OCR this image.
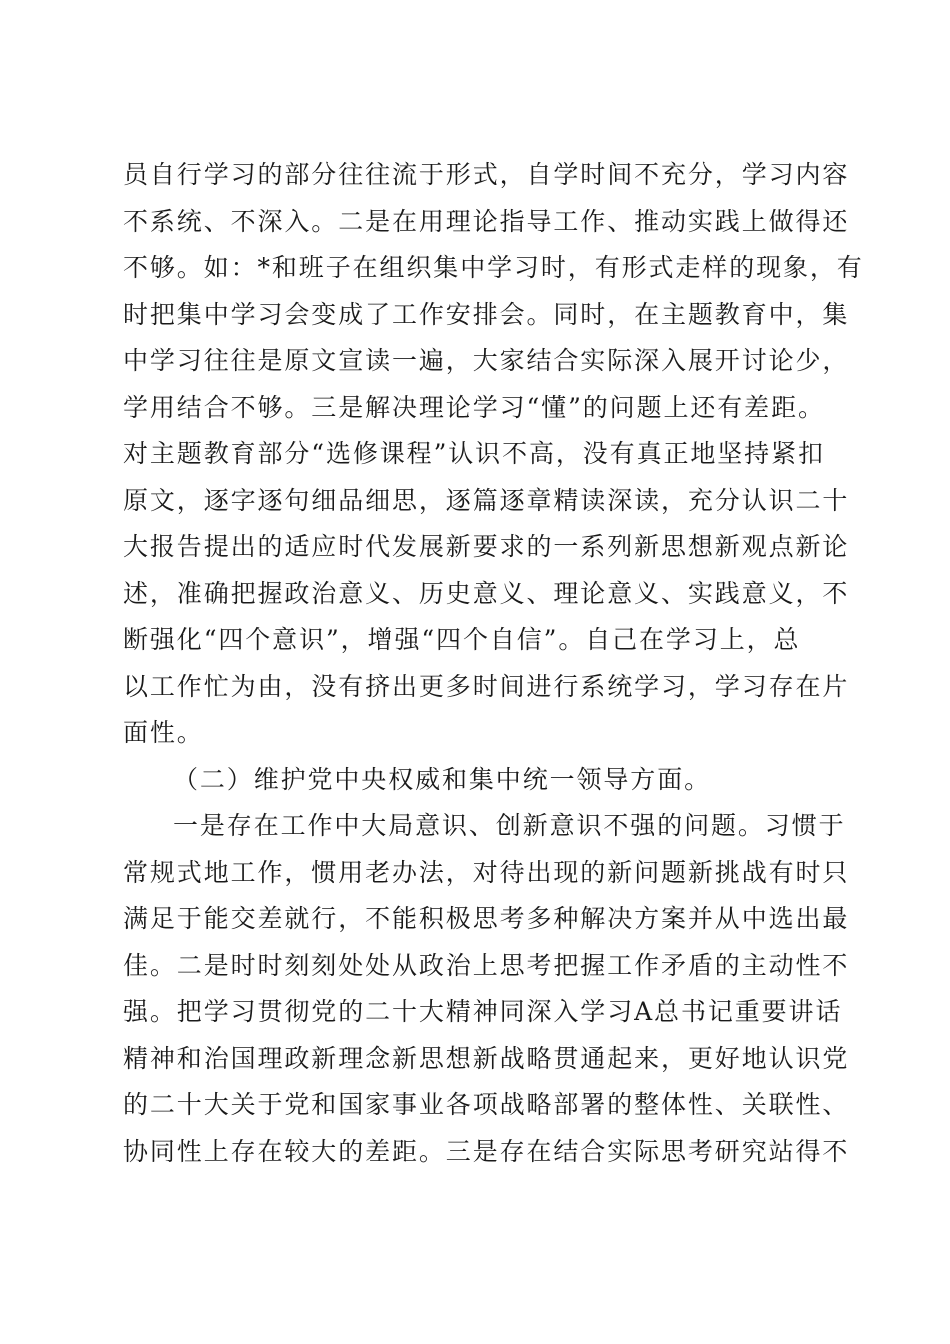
员自行学习的部分往往流于形式，自学时间不充分，学习内容
不系统、不深入。二是在用理论指导工作、推动实践上做得还
不够。如：*和班子在组织集中学习时，有形式走样的现象，有
时把集中学习会变成了工作安排会。同时，在主题教育中，集
中学习往往是原文宣读一遍，大家结合实际深入展开讨论少，
学用结合不够。三是解决理论学习“懂”的问题上还有差距。
对主题教育部分“选修课程”认识不高，没有真正地坚持紧扣
原文，逐字逐句细品细思，逐篇逐章精读深读，充分认识二十
大报告提出的适应时代发展新要求的一系列新思想新观点新论
述，准确把握政治意义、历史意义、理论意义、实践意义，不
断强化“四个意识”，增强“四个自信”。自己在学习上，总
以工作忙为由，没有挤出更多时间进行系统学习，学习存在片
面性。
（二）维护党中央权威和集中统一领导方面。
一是存在工作中大局意识、创新意识不强的问题。习惯于
常规式地工作，惯用老办法，对待出现的新问题新挑战有时只
满足于能交差就行，不能积极思考多种解决方案并从中选出最
佳。二是时时刻刻处处从政治上思考把握工作矛盾的主动性不
强。把学习贯彻党的二十大精神同深入学习A总书记重要讲话
精神和治国理政新理念新思想新战略贯通起来，更好地认识党
的二十大关于党和国家事业各项战略部署的整体性、关联性、
协同性上存在较大的差距。三是存在结合实际思考研究站得不
